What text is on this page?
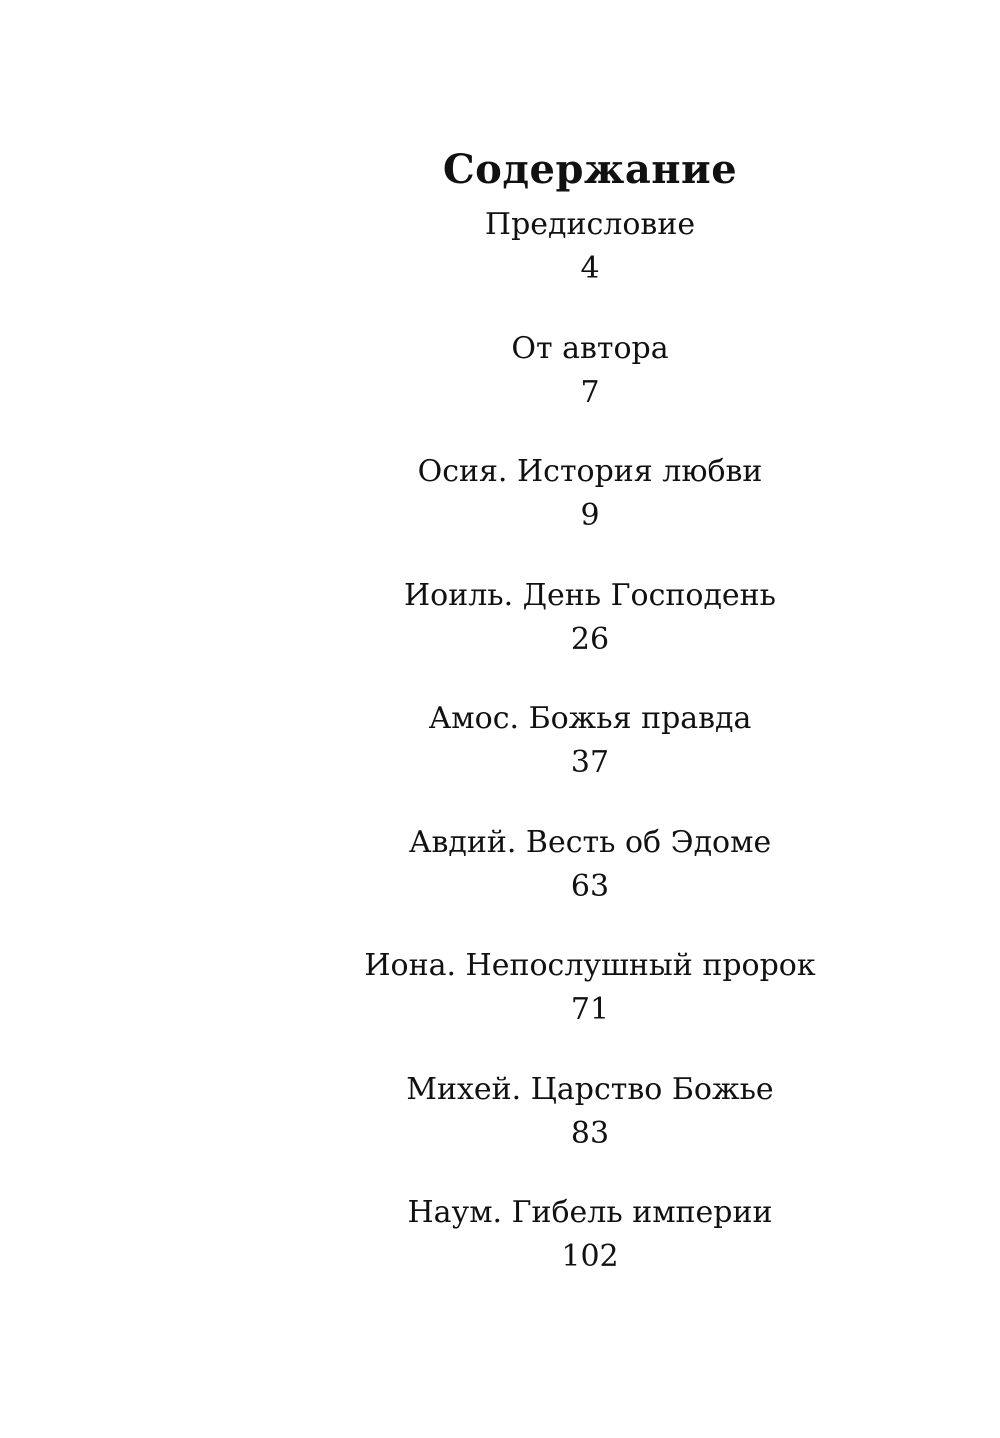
Содержание
Предисловие
4
От автора
7
Осия. История любви
9
Иоиль. День Господень
26
Амос. Божья правда
37
Авдий. Весть об Эдоме
63
Иона. Непослушный пророк
71
Михей. Царство Божье
83
Наум. Гибель империи
102
